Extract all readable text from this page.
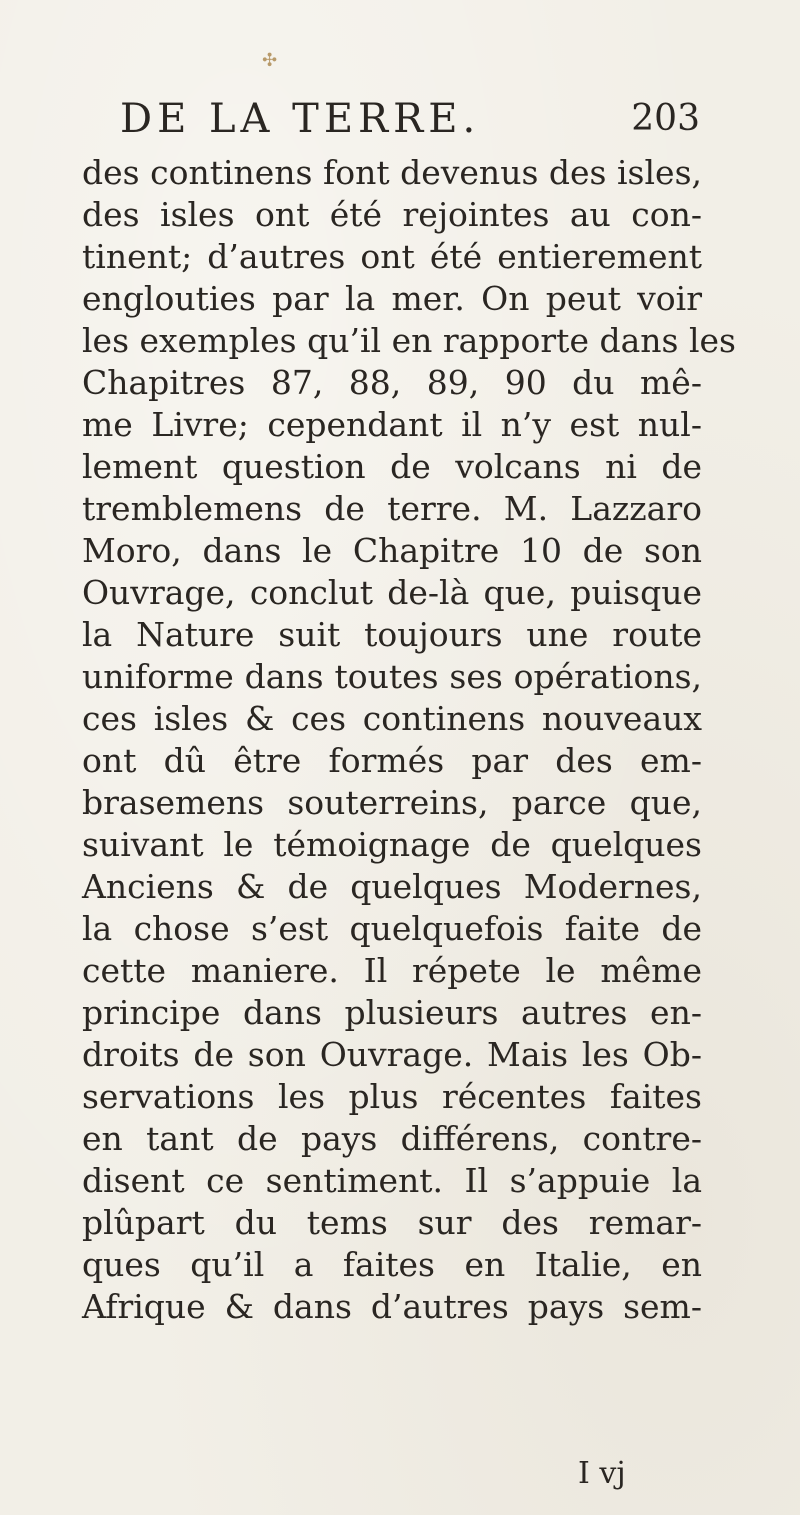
✣
DE LA TERRE.	203
des continens font devenus des isles,
des isles ont été rejointes au con-
tinent; d’autres ont été entierement
englouties par la mer. On peut voir
les exemples qu’il en rapporte dans les
Chapitres 87, 88, 89, 90 du mê-
me Livre; cependant il n’y est nul-
lement question de volcans ni de
tremblemens de terre. M. Lazzaro
Moro, dans le Chapitre 10 de son
Ouvrage, conclut de-là que, puisque
la Nature suit toujours une route
uniforme dans toutes ses opérations,
ces isles & ces continens nouveaux
ont dû être formés par des em-
brasemens souterreins, parce que,
suivant le témoignage de quelques
Anciens & de quelques Modernes,
la chose s’est quelquefois faite de
cette maniere. Il répete le même
principe dans plusieurs autres en-
droits de son Ouvrage. Mais les Ob-
servations les plus récentes faites
en tant de pays différens, contre-
disent ce sentiment. Il s’appuie la
plûpart du tems sur des remar-
ques qu’il a faites en Italie, en
Afrique & dans d’autres pays sem-
I vj
